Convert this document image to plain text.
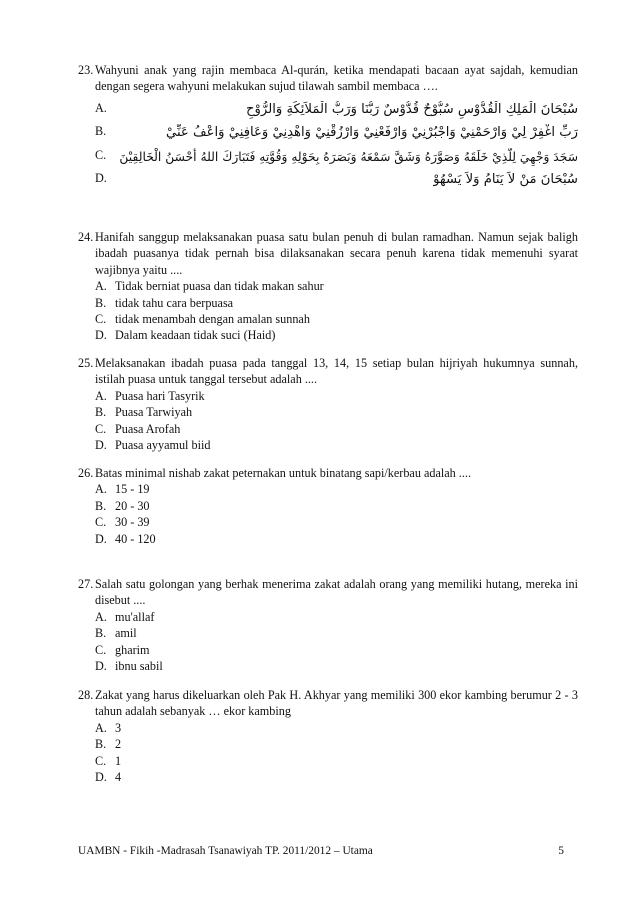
23. Wahyuni anak yang rajin membaca Al-qurán, ketika mendapati bacaan ayat sajdah, kemudian dengan segera wahyuni melakukan sujud tilawah sambil membaca ….
A.	سُبْحَانَ الْمَلِكِ الْقُدُّوْسِ سُبُّوْحٌ قُدُّوْسٌ رَبُّنَا وَرَبُّ الْمَلاَئِكَةِ وَالرُّوْحِ
B.	رَبِّ اغْفِرْ لِيْ وَارْحَمْنِيْ وَاجْبُرْنِيْ وَارْفَعْنِيْ وَارْزُقْنِيْ وَاهْدِنِيْ وَعَافِنِيْ وَاعْفُ عَنِّيْ
C. سَجَدَ وَجْهِيَ لِلَّذِيْ خَلَقَهُ وَصَوَّرَهُ وَشَقَّ سَمْعَهُ وَبَصَرَهُ بِحَوْلِهِ وَقُوَّتِهِ فَتَبَارَكَ اللهُ أَحْسَنُ الْخَالِقِيْنَ
D.	سُبْحَانَ مَنْ لاَ يَنَامُ وَلاَ يَسْهُوْ
24. Hanifah sanggup melaksanakan puasa satu bulan penuh di bulan ramadhan. Namun sejak baligh ibadah puasanya tidak pernah bisa dilaksanakan secara penuh karena tidak memenuhi syarat wajibnya yaitu ....
A. Tidak berniat puasa dan tidak makan sahur
B. tidak tahu cara berpuasa
C. tidak menambah dengan amalan sunnah
D. Dalam keadaan tidak suci (Haid)
25. Melaksanakan ibadah puasa pada tanggal 13, 14, 15 setiap bulan hijriyah hukumnya sunnah, istilah puasa untuk tanggal tersebut adalah ....
A. Puasa hari Tasyrik
B. Puasa Tarwiyah
C. Puasa Arofah
D. Puasa ayyamul biid
26. Batas minimal nishab zakat peternakan untuk binatang sapi/kerbau adalah ....
A. 15 - 19
B. 20 - 30
C. 30 - 39
D. 40 - 120
27. Salah satu golongan yang berhak menerima zakat adalah orang yang memiliki hutang, mereka ini disebut ....
A. mu'allaf
B. amil
C. gharim
D. ibnu sabil
28. Zakat yang harus dikeluarkan oleh Pak H. Akhyar yang memiliki 300 ekor kambing berumur 2 - 3 tahun adalah sebanyak … ekor kambing
A. 3
B. 2
C. 1
D. 4
UAMBN - Fikih -Madrasah Tsanawiyah TP. 2011/2012 – Utama	5
